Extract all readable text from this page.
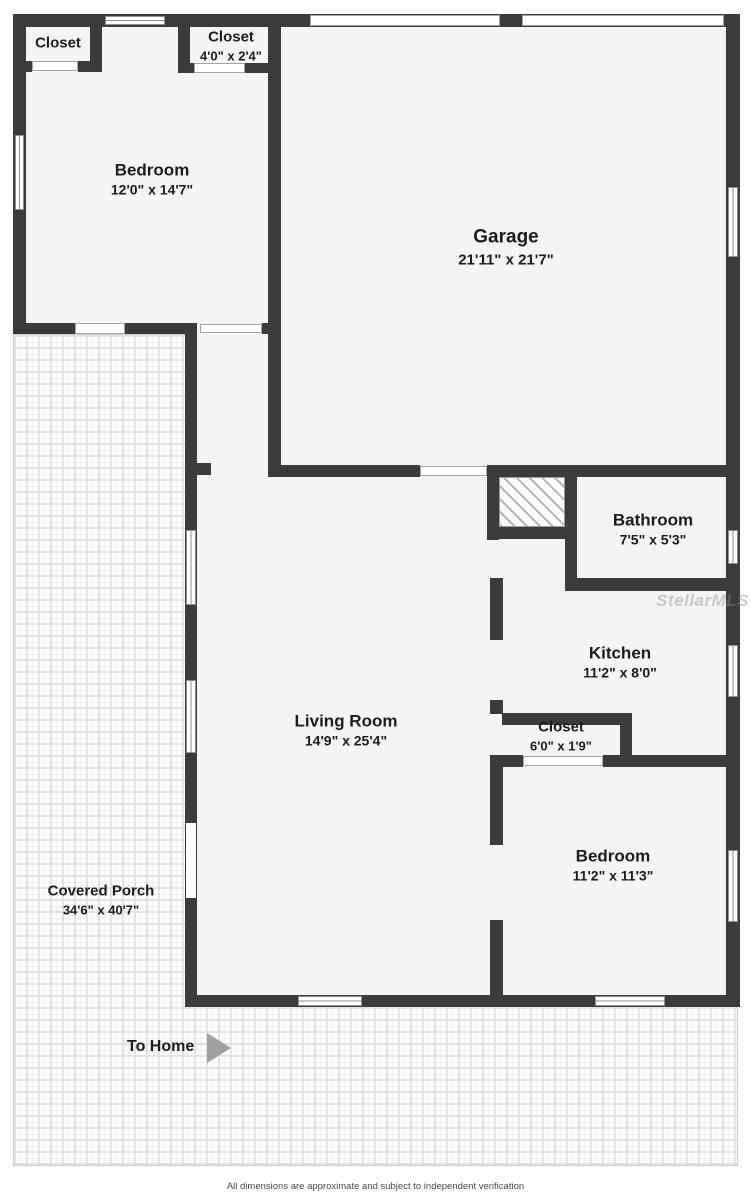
Closet	Closet
4'0" x 2'4"
Bedroom
12'0" x 14'7"
Garage
21'11" x 21'7"
Bathroom
7'5" x 5'3"
Kitchen
11'2" x 8'0"
Living Room
14'9" x 25'4"
Closet
6'0" x 1'9"
Bedroom
11'2" x 11'3"
Covered Porch
34'6" x 40'7"
To Home
StellarMLS
All dimensions are approximate and subject to independent verification
